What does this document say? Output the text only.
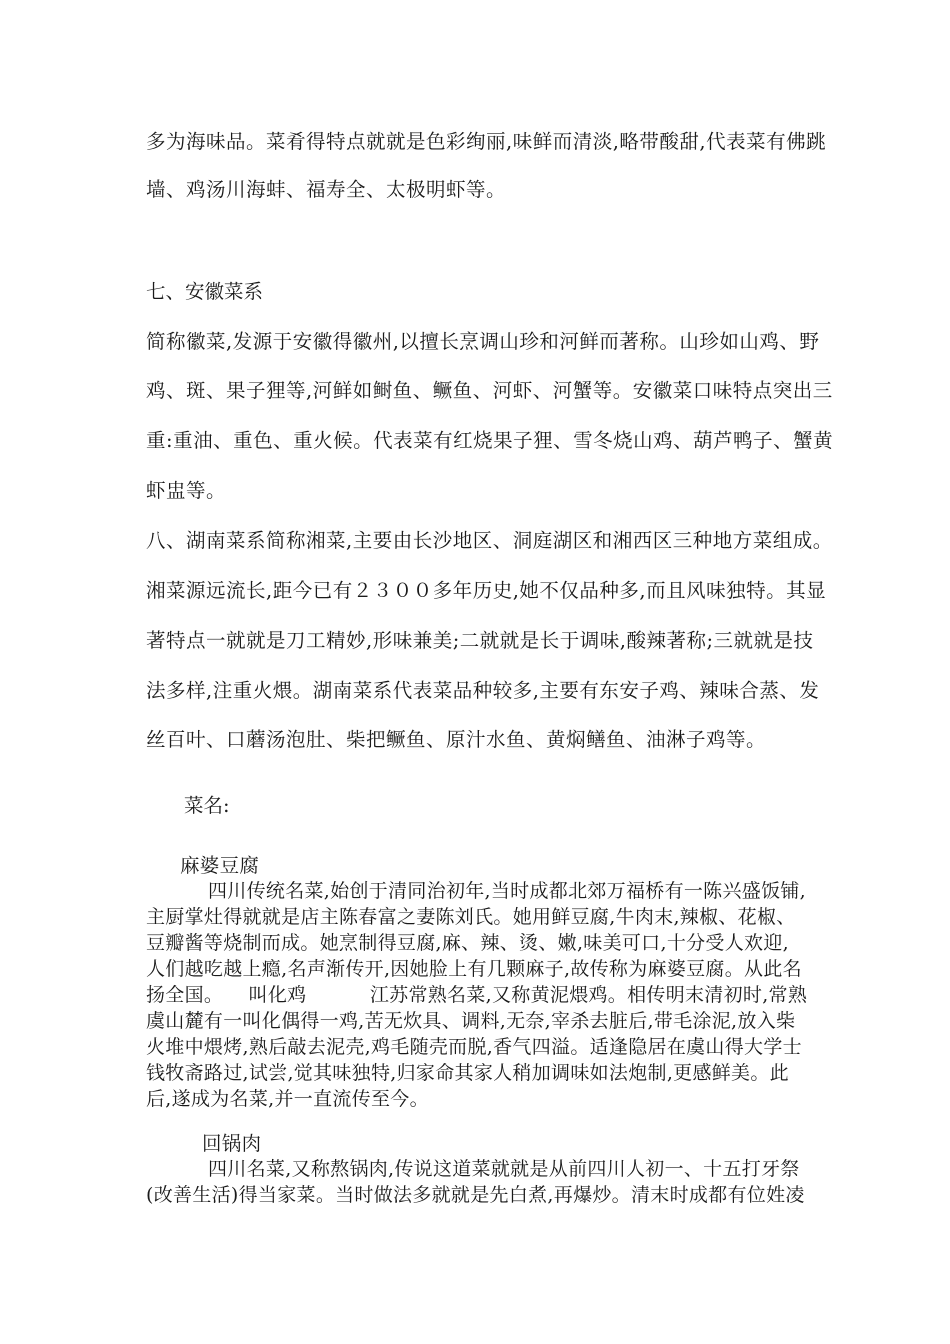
多为海味品。菜肴得特点就就是色彩绚丽,味鲜而清淡,略带酸甜,代表菜有佛跳
墙、鸡汤川海蚌、福寿全、太极明虾等。
七、安徽菜系
简称徽菜,发源于安徽得徽州,以擅长烹调山珍和河鲜而著称。山珍如山鸡、野
鸡、斑、果子狸等,河鲜如鲥鱼、鳜鱼、河虾、河蟹等。安徽菜口味特点突出三
重:重油、重色、重火候。代表菜有红烧果子狸、雪冬烧山鸡、葫芦鸭子、蟹黄
虾盅等。
八、湖南菜系简称湘菜,主要由长沙地区、洞庭湖区和湘西区三种地方菜组成。
湘菜源远流长,距今已有２３００多年历史,她不仅品种多,而且风味独特。其显
著特点一就就是刀工精妙,形味兼美;二就就是长于调味,酸辣著称;三就就是技
法多样,注重火煨。湖南菜系代表菜品种较多,主要有东安子鸡、辣味合蒸、发
丝百叶、口蘑汤泡肚、柴把鳜鱼、原汁水鱼、黄焖鳝鱼、油淋子鸡等。
菜名:
麻婆豆腐
四川传统名菜,始创于清同治初年,当时成都北郊万福桥有一陈兴盛饭铺,
主厨掌灶得就就是店主陈春富之妻陈刘氏。她用鲜豆腐,牛肉末,辣椒、花椒、
豆瓣酱等烧制而成。她烹制得豆腐,麻、辣、烫、嫩,味美可口,十分受人欢迎,
人们越吃越上瘾,名声渐传开,因她脸上有几颗麻子,故传称为麻婆豆腐。从此名
扬全国。    叫化鸡          江苏常熟名菜,又称黄泥煨鸡。相传明末清初时,常熟
虞山麓有一叫化偶得一鸡,苦无炊具、调料,无奈,宰杀去脏后,带毛涂泥,放入柴
火堆中煨烤,熟后敲去泥壳,鸡毛随壳而脱,香气四溢。适逢隐居在虞山得大学士
钱牧斋路过,试尝,觉其味独特,归家命其家人稍加调味如法炮制,更感鲜美。此
后,遂成为名菜,并一直流传至今。
回锅肉
四川名菜,又称熬锅肉,传说这道菜就就是从前四川人初一、十五打牙祭
(改善生活)得当家菜。当时做法多就就是先白煮,再爆炒。清末时成都有位姓凌
